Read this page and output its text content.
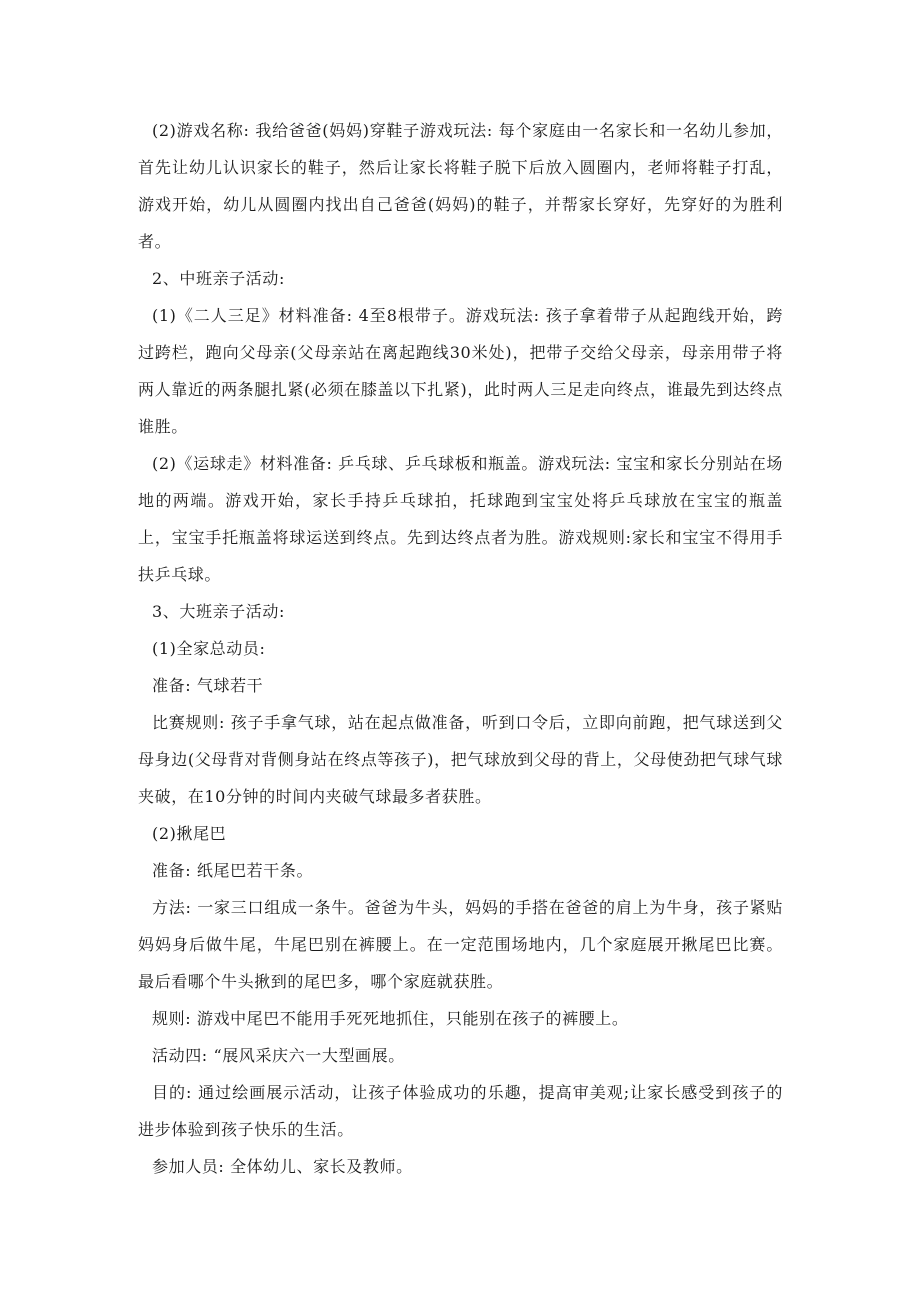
(2)游戏名称: 我给爸爸(妈妈)穿鞋子游戏玩法: 每个家庭由一名家长和一名幼儿参加，首先让幼儿认识家长的鞋子，然后让家长将鞋子脱下后放入圆圈内，老师将鞋子打乱，游戏开始，幼儿从圆圈内找出自己爸爸(妈妈)的鞋子，并帮家长穿好，先穿好的为胜利者。

2、中班亲子活动:

(1)《二人三足》材料准备: 4至8根带子。游戏玩法: 孩子拿着带子从起跑线开始，跨过跨栏，跑向父母亲(父母亲站在离起跑线30米处)，把带子交给父母亲，母亲用带子将两人靠近的两条腿扎紧(必须在膝盖以下扎紧)，此时两人三足走向终点，谁最先到达终点谁胜。

(2)《运球走》材料准备: 乒乓球、乒乓球板和瓶盖。游戏玩法: 宝宝和家长分别站在场地的两端。游戏开始，家长手持乒乓球拍，托球跑到宝宝处将乒乓球放在宝宝的瓶盖上，宝宝手托瓶盖将球运送到终点。先到达终点者为胜。游戏规则:家长和宝宝不得用手扶乒乓球。

3、大班亲子活动:

(1)全家总动员:

准备: 气球若干

比赛规则: 孩子手拿气球，站在起点做准备，听到口令后，立即向前跑，把气球送到父母身边(父母背对背侧身站在终点等孩子)，把气球放到父母的背上，父母使劲把气球气球夹破，在10分钟的时间内夹破气球最多者获胜。

(2)揪尾巴

准备: 纸尾巴若干条。

方法: 一家三口组成一条牛。爸爸为牛头，妈妈的手搭在爸爸的肩上为牛身，孩子紧贴妈妈身后做牛尾，牛尾巴别在裤腰上。在一定范围场地内，几个家庭展开揪尾巴比赛。最后看哪个牛头揪到的尾巴多，哪个家庭就获胜。

规则: 游戏中尾巴不能用手死死地抓住，只能别在孩子的裤腰上。

活动四: “展风采庆六一大型画展。

目的: 通过绘画展示活动，让孩子体验成功的乐趣，提高审美观;让家长感受到孩子的进步体验到孩子快乐的生活。

参加人员: 全体幼儿、家长及教师。
